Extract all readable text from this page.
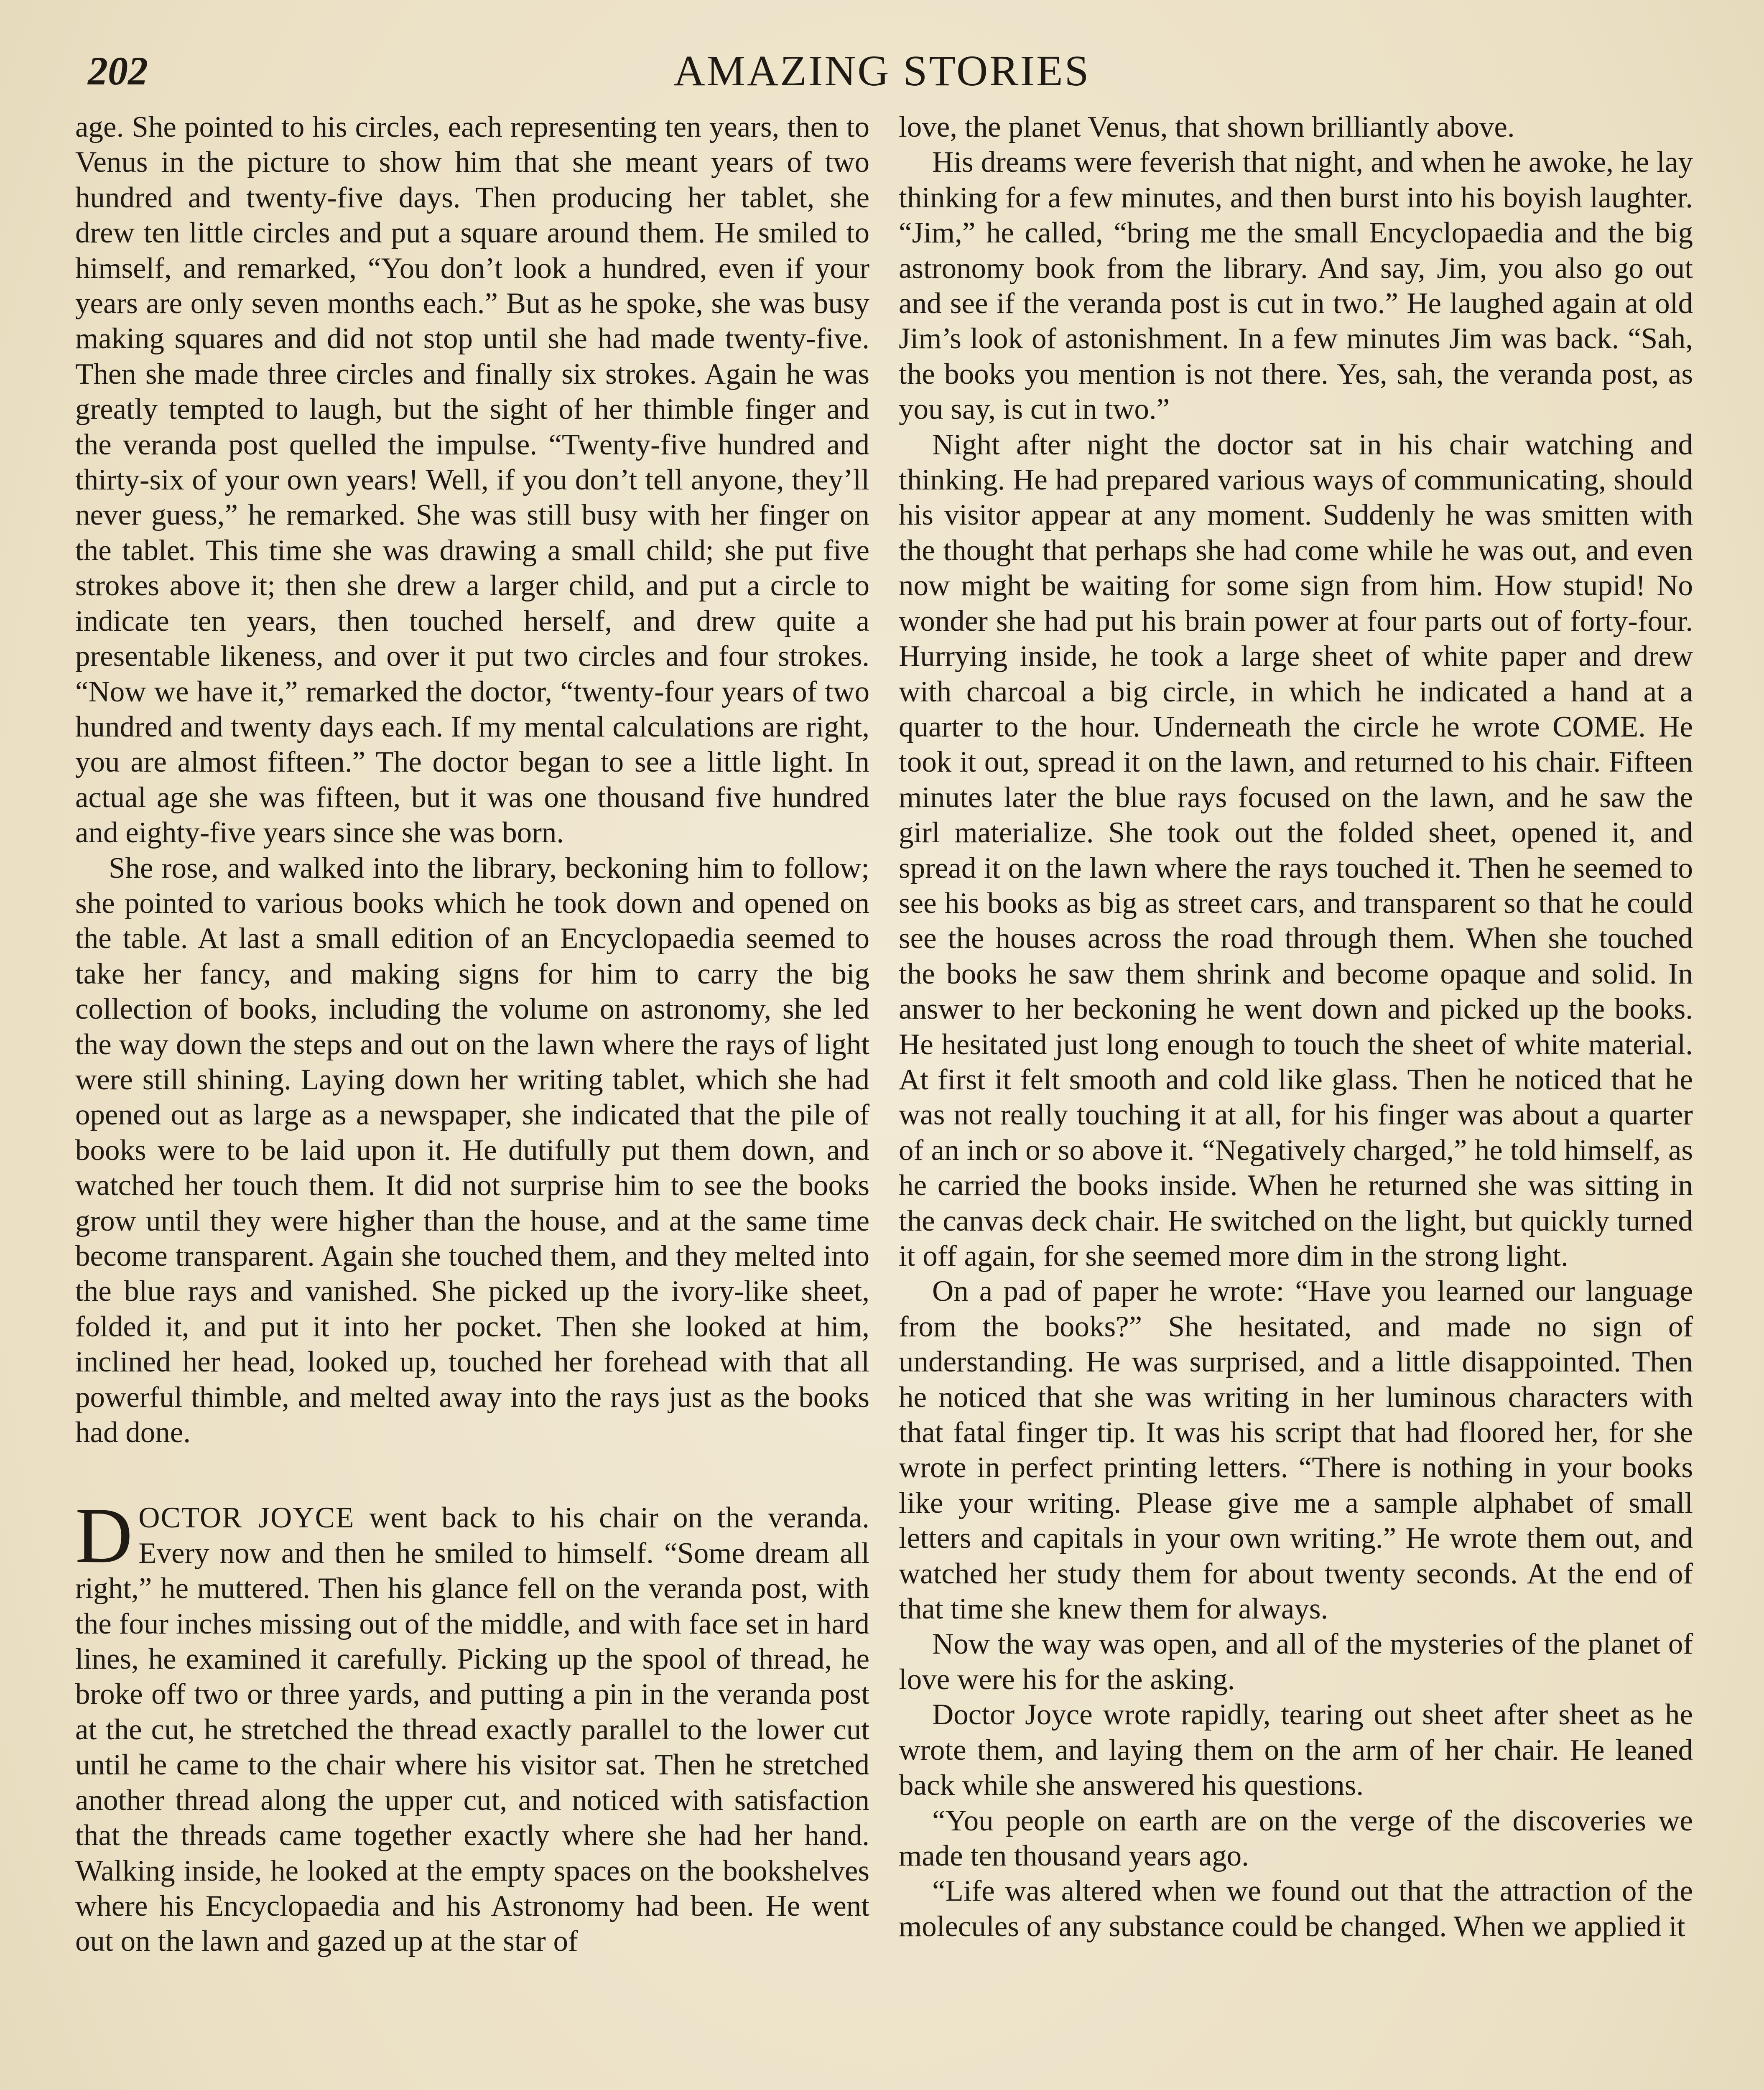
202	AMAZING STORIES

age. She pointed to his circles, each representing ten years, then to Venus in the picture to show him that she meant years of two hundred and twenty-five days. Then producing her tablet, she drew ten little circles and put a square around them. He smiled to himself, and remarked, “You don’t look a hundred, even if your years are only seven months each.” But as he spoke, she was busy making squares and did not stop until she had made twenty-five. Then she made three circles and finally six strokes. Again he was greatly tempted to laugh, but the sight of her thimble finger and the veranda post quelled the impulse. “Twenty-five hundred and thirty-six of your own years! Well, if you don’t tell anyone, they’ll never guess,” he remarked. She was still busy with her finger on the tablet. This time she was drawing a small child; she put five strokes above it; then she drew a larger child, and put a circle to indicate ten years, then touched herself, and drew quite a presentable likeness, and over it put two circles and four strokes. “Now we have it,” remarked the doctor, “twenty-four years of two hundred and twenty days each. If my mental calculations are right, you are almost fifteen.” The doctor began to see a little light. In actual age she was fifteen, but it was one thousand five hundred and eighty-five years since she was born.

She rose, and walked into the library, beckoning him to follow; she pointed to various books which he took down and opened on the table. At last a small edition of an Encyclopaedia seemed to take her fancy, and making signs for him to carry the big collection of books, including the volume on astronomy, she led the way down the steps and out on the lawn where the rays of light were still shining. Laying down her writing tablet, which she had opened out as large as a newspaper, she indicated that the pile of books were to be laid upon it. He dutifully put them down, and watched her touch them. It did not surprise him to see the books grow until they were higher than the house, and at the same time become transparent. Again she touched them, and they melted into the blue rays and vanished. She picked up the ivory-like sheet, folded it, and put it into her pocket. Then she looked at him, inclined her head, looked up, touched her forehead with that all powerful thimble, and melted away into the rays just as the books had done.

DOCTOR JOYCE went back to his chair on the veranda. Every now and then he smiled to himself. “Some dream all right,” he muttered. Then his glance fell on the veranda post, with the four inches missing out of the middle, and with face set in hard lines, he examined it carefully. Picking up the spool of thread, he broke off two or three yards, and putting a pin in the veranda post at the cut, he stretched the thread exactly parallel to the lower cut until he came to the chair where his visitor sat. Then he stretched another thread along the upper cut, and noticed with satisfaction that the threads came together exactly where she had her hand. Walking inside, he looked at the empty spaces on the bookshelves where his Encyclopaedia and his Astronomy had been. He went out on the lawn and gazed up at the star of

love, the planet Venus, that shown brilliantly above.

His dreams were feverish that night, and when he awoke, he lay thinking for a few minutes, and then burst into his boyish laughter. “Jim,” he called, “bring me the small Encyclopaedia and the big astronomy book from the library. And say, Jim, you also go out and see if the veranda post is cut in two.” He laughed again at old Jim’s look of astonishment. In a few minutes Jim was back. “Sah, the books you mention is not there. Yes, sah, the veranda post, as you say, is cut in two.”

Night after night the doctor sat in his chair watching and thinking. He had prepared various ways of communicating, should his visitor appear at any moment. Suddenly he was smitten with the thought that perhaps she had come while he was out, and even now might be waiting for some sign from him. How stupid! No wonder she had put his brain power at four parts out of forty-four. Hurrying inside, he took a large sheet of white paper and drew with charcoal a big circle, in which he indicated a hand at a quarter to the hour. Underneath the circle he wrote COME. He took it out, spread it on the lawn, and returned to his chair. Fifteen minutes later the blue rays focused on the lawn, and he saw the girl materialize. She took out the folded sheet, opened it, and spread it on the lawn where the rays touched it. Then he seemed to see his books as big as street cars, and transparent so that he could see the houses across the road through them. When she touched the books he saw them shrink and become opaque and solid. In answer to her beckoning he went down and picked up the books. He hesitated just long enough to touch the sheet of white material. At first it felt smooth and cold like glass. Then he noticed that he was not really touching it at all, for his finger was about a quarter of an inch or so above it. “Negatively charged,” he told himself, as he carried the books inside. When he returned she was sitting in the canvas deck chair. He switched on the light, but quickly turned it off again, for she seemed more dim in the strong light.

On a pad of paper he wrote: “Have you learned our language from the books?” She hesitated, and made no sign of understanding. He was surprised, and a little disappointed. Then he noticed that she was writing in her luminous characters with that fatal finger tip. It was his script that had floored her, for she wrote in perfect printing letters. “There is nothing in your books like your writing. Please give me a sample alphabet of small letters and capitals in your own writing.” He wrote them out, and watched her study them for about twenty seconds. At the end of that time she knew them for always.

Now the way was open, and all of the mysteries of the planet of love were his for the asking.

Doctor Joyce wrote rapidly, tearing out sheet after sheet as he wrote them, and laying them on the arm of her chair. He leaned back while she answered his questions.

“You people on earth are on the verge of the discoveries we made ten thousand years ago.

“Life was altered when we found out that the attraction of the molecules of any substance could be changed. When we applied it
